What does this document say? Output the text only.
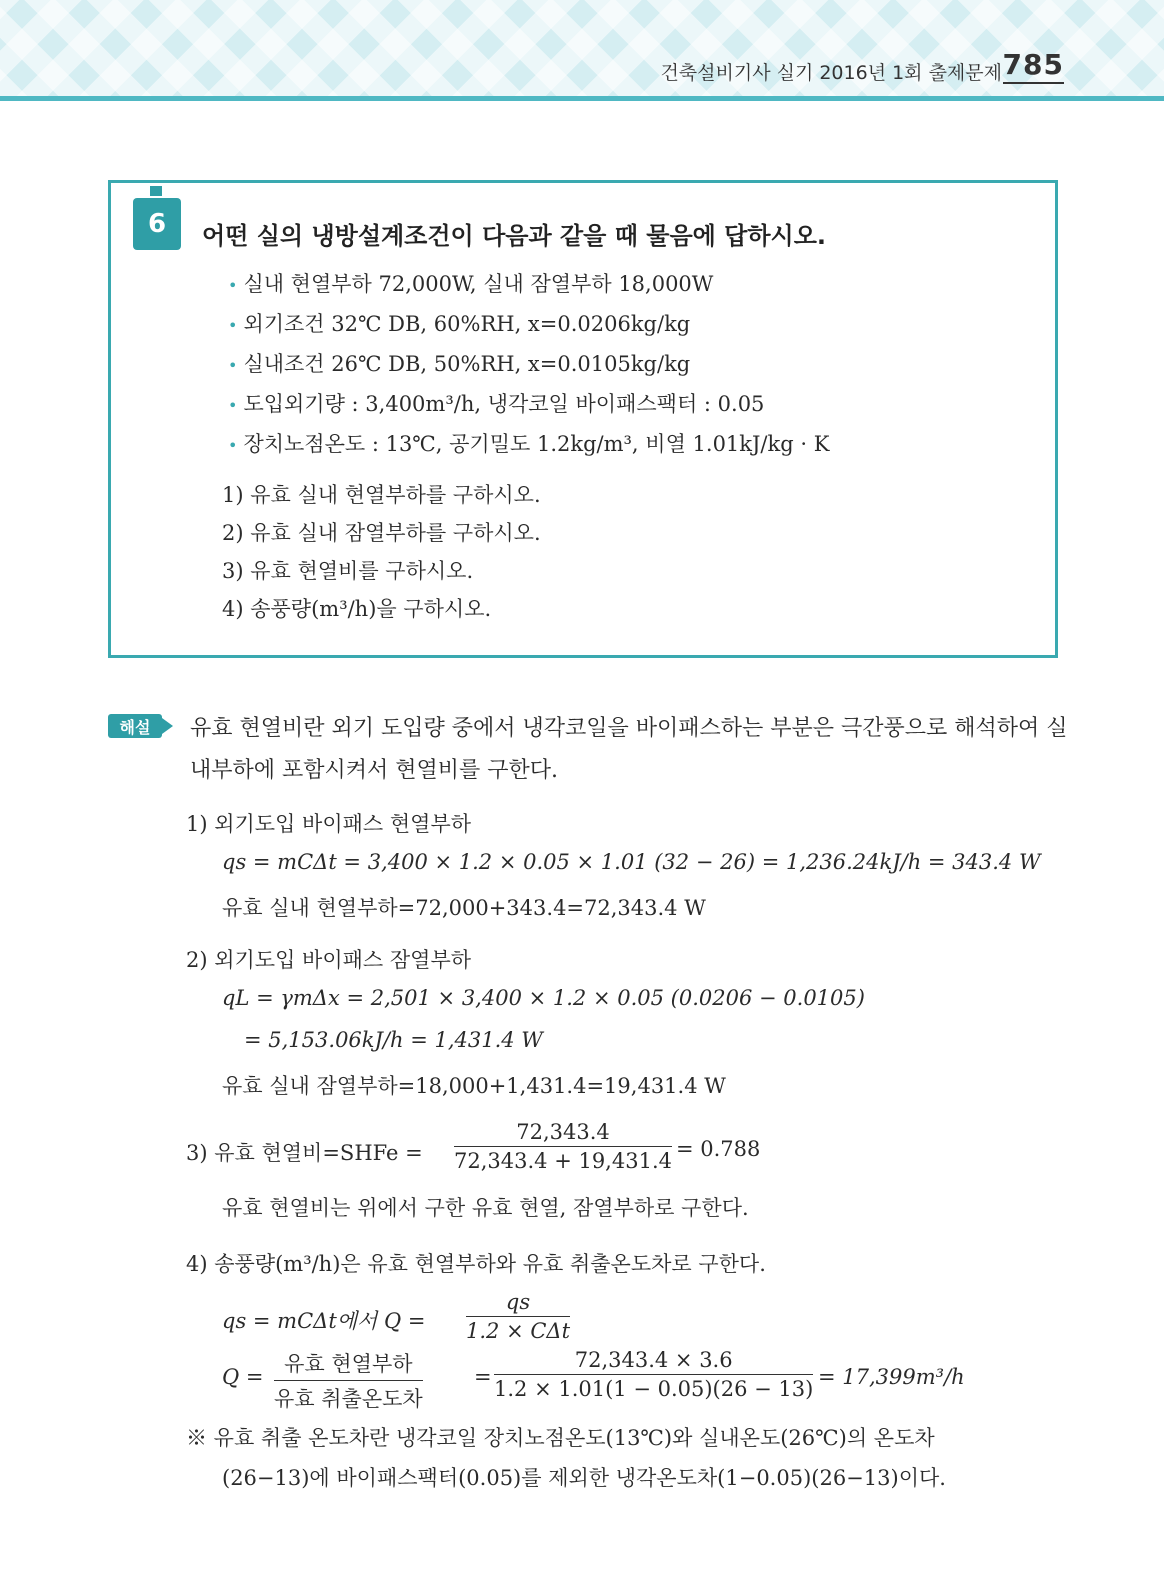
건축설비기사 실기 2016년 1회 출제문제 785
6	어떤 실의 냉방설계조건이 다음과 같을 때 물음에 답하시오.
• 실내 현열부하 72,000W, 실내 잠열부하 18,000W
• 외기조건 32℃ DB, 60%RH, x=0.0206kg/kg
• 실내조건 26℃ DB, 50%RH, x=0.0105kg/kg
• 도입외기량 : 3,400m³/h, 냉각코일 바이패스팩터 : 0.05
• 장치노점온도 : 13℃, 공기밀도 1.2kg/m³, 비열 1.01kJ/kg · K
1) 유효 실내 현열부하를 구하시오.
2) 유효 실내 잠열부하를 구하시오.
3) 유효 현열비를 구하시오.
4) 송풍량(m³/h)을 구하시오.
해설	유효 현열비란 외기 도입량 중에서 냉각코일을 바이패스하는 부분은 극간풍으로 해석하여 실내부하에 포함시켜서 현열비를 구한다.
1) 외기도입 바이패스 현열부하
qs = mCΔt = 3,400 × 1.2 × 0.05 × 1.01 (32 − 26) = 1,236.24kJ/h = 343.4 W
유효 실내 현열부하=72,000+343.4=72,343.4 W
2) 외기도입 바이패스 잠열부하
qL = γmΔx = 2,501 × 3,400 × 1.2 × 0.05 (0.0206 − 0.0105)
= 5,153.06kJ/h = 1,431.4 W
유효 실내 잠열부하=18,000+1,431.4=19,431.4 W
3) 유효 현열비=SHFe = $\frac{72,343.4}{72,343.4 + 19,431.4} = 0.788$
유효 현열비는 위에서 구한 유효 현열, 잠열부하로 구한다.
4) 송풍량(m³/h)은 유효 현열부하와 유효 취출온도차로 구한다.
qs = mCΔt에서 Q =
qs
1.2 × CΔt
Q =
유효 현열부하
유효 취출온도차
= $\frac{72,343.4 \times 3.6}{1.2 \times 1.01(1 - 0.05)(26 - 13)} = 17,399m^3/h$
※ 유효 취출 온도차란 냉각코일 장치노점온도(13℃)와 실내온도(26℃)의 온도차
(26−13)에 바이패스팩터(0.05)를 제외한 냉각온도차(1−0.05)(26−13)이다.
